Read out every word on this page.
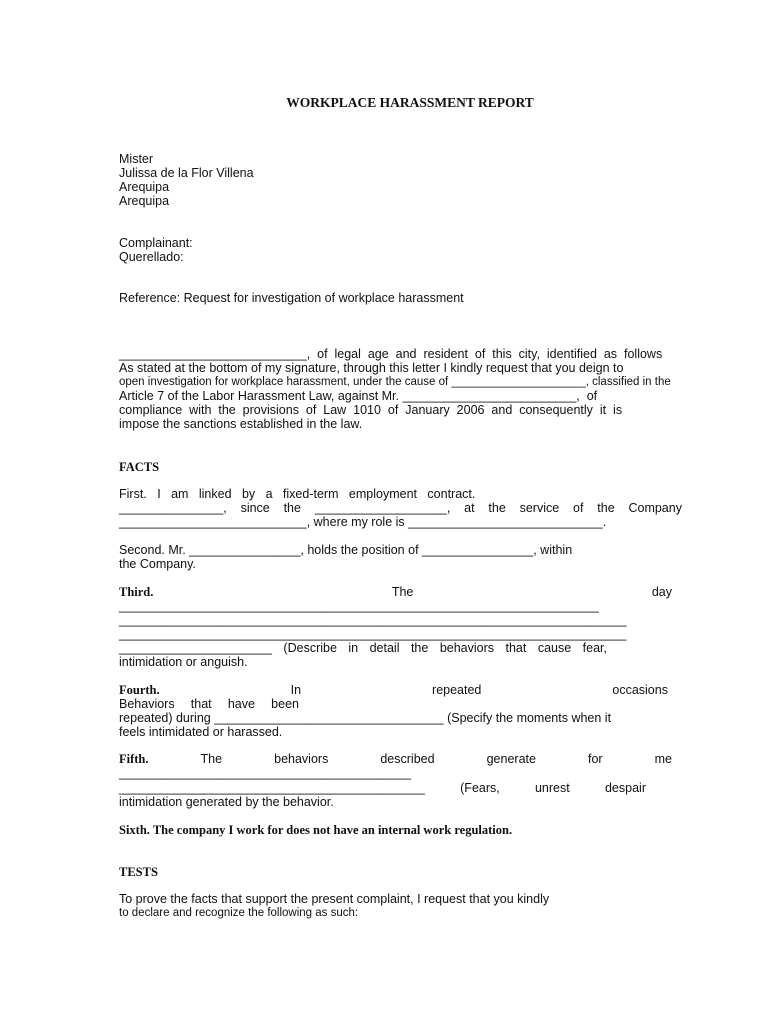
WORKPLACE HARASSMENT REPORT

Mister

Julissa de la Flor Villena

Arequipa

Arequipa

Complainant:

Querellado:

Reference: Request for investigation of workplace harassment

___________________________,  of  legal  age  and  resident  of  this  city,  identified  as  follows

As stated at the bottom of my signature, through this letter I kindly request that you deign to

open investigation for workplace harassment, under the cause of _____________________, classified in the

Article 7 of the Labor Harassment Law, against Mr. _________________________,  of

compliance  with  the  provisions  of  Law  1010  of  January  2006  and  consequently  it  is

impose the sanctions established in the law.

FACTS

First.   I   am   linked   by   a   fixed-term   employment   contract.

_______________, since the ___________________, at the service of the Company

___________________________, where my role is ____________________________.

Second. Mr. ________________, holds the position of ________________, within

the Company.

Third.	The	day

_____________________________________________________________________

_________________________________________________________________________

_________________________________________________________________________

______________________ (Describe in detail the behaviors that cause fear,

intimidation or anguish.

Fourth.	In	repeated	occasions
Behaviors that have been

repeated) during _________________________________ (Specify the moments when it

feels intimidated or harassed.

Fifth.	The	behaviors	described	generate	for	me

__________________________________________

____________________________________________	(Fears,	unrest	despair

intimidation generated by the behavior.

Sixth. The company I work for does not have an internal work regulation.

TESTS

To prove the facts that support the present complaint, I request that you kindly

to declare and recognize the following as such:
